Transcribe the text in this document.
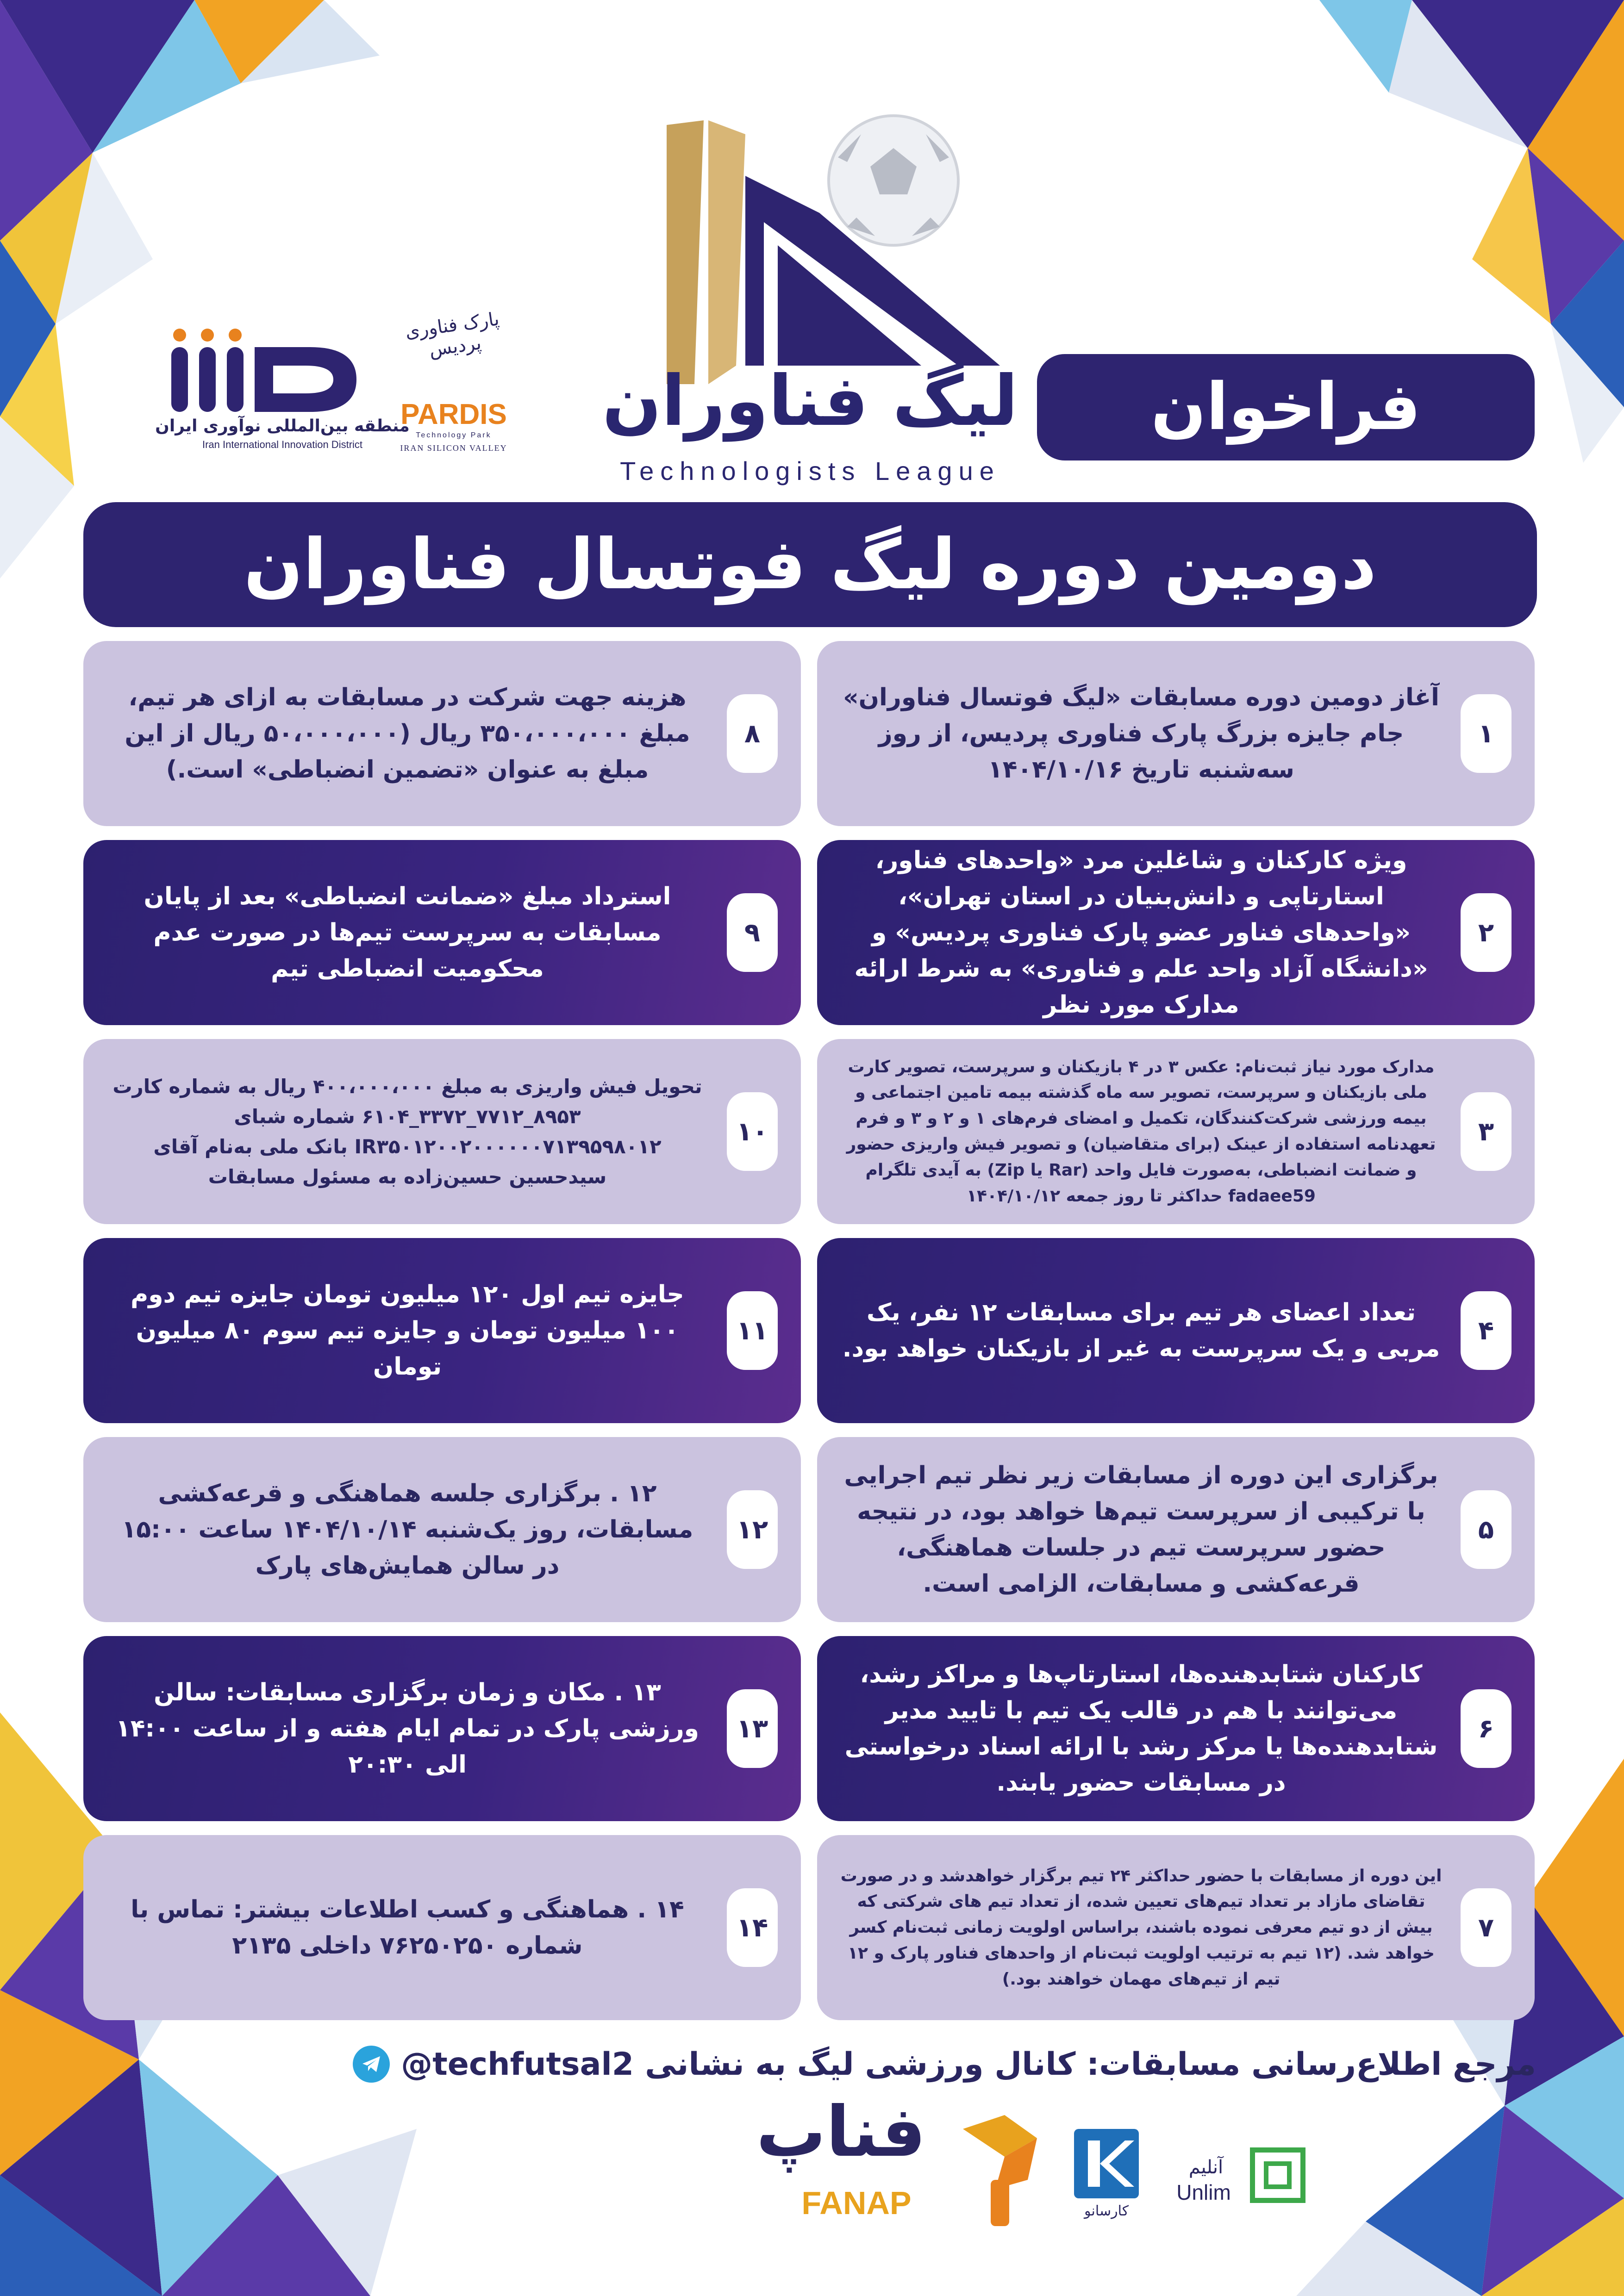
لیگ فناوران
Technologists League
منطقه بین‌المللی نوآوری ایران
Iran International Innovation District
پارک فناوری پردیس
PARDIS
Technology Park
IRAN SILICON VALLEY
فراخوان
دومین دوره لیگ فوتسال فناوران
۱
آغاز دومین دوره مسابقات «لیگ فوتسال فناوران» جام جایزه بزرگ پارک فناوری پردیس، از روز سه‌شنبه تاریخ ۱۴۰۴/۱۰/۱۶
۲
ویژه کارکنان و شاغلین مرد «واحدهای فناور، استارتاپی و دانش‌بنیان در استان تهران»، «واحدهای فناور عضو پارک فناوری پردیس» و «دانشگاه آزاد واحد علم و فناوری» به شرط ارائه مدارک مورد نظر
۳
مدارک مورد نیاز ثبت‌نام: عکس ۳ در ۴ بازیکنان و سرپرست، تصویر کارت ملی بازیکنان و سرپرست، تصویر سه ماه گذشته بیمه تامین اجتماعی و بیمه ورزشی شرکت‌کنندگان، تکمیل و امضای فرم‌های ۱ و ۲ و ۳ و فرم تعهدنامه استفاده از عینک (برای متقاضیان) و تصویر فیش واریزی حضور و ضمانت انضباطی، به‌صورت فایل واحد (Rar یا Zip) به آیدی تلگرام fadaee59 حداکثر تا روز جمعه ۱۴۰۴/۱۰/۱۲
۴
تعداد اعضای هر تیم برای مسابقات ۱۲ نفر، یک مربی و یک سرپرست به غیر از بازیکنان خواهد بود.
۵
برگزاری این دوره از مسابقات زیر نظر تیم اجرایی با ترکیبی از سرپرست تیم‌ها خواهد بود، در نتیجه حضور سرپرست تیم در جلسات هماهنگی، قرعه‌کشی و مسابقات، الزامی است.
۶
کارکنان شتابدهنده‌ها، استارتاپ‌ها و مراکز رشد، می‌توانند با هم در قالب یک تیم با تایید مدیر شتابدهنده‌ها یا مرکز رشد با ارائه اسناد درخواستی در مسابقات حضور یابند.
۷
این دوره از مسابقات با حضور حداکثر ۲۴ تیم برگزار خواهدشد و در صورت تقاضای مازاد بر تعداد تیم‌های تعیین شده، از تعداد تیم های شرکتی که بیش از دو تیم معرفی نموده باشند، براساس اولویت زمانی ثبت‌نام کسر خواهد شد. (۱۲ تیم به ترتیب اولویت ثبت‌نام از واحدهای فناور پارک و ۱۲ تیم از تیم‌های مهمان خواهند بود.)
۸
هزینه جهت شرکت در مسابقات به ازای هر تیم، مبلغ ۳۵۰،۰۰۰،۰۰۰ ریال (۵۰،۰۰۰،۰۰۰ ریال از این مبلغ به عنوان «تضمین انضباطی» است.)
۹
استرداد مبلغ «ضمانت انضباطی» بعد از پایان مسابقات به سرپرست تیم‌ها در صورت عدم محکومیت انضباطی تیم
۱۰
تحویل فیش واریزی به مبلغ ۴۰۰،۰۰۰،۰۰۰ ریال به شماره کارت ۸۹۵۳_۷۷۱۲_۳۳۷۲_۶۱۰۴ شماره شبای IR۳۵۰۱۲۰۰۲۰۰۰۰۰۰۷۱۳۹۵۹۸۰۱۲ بانک ملی به‌نام آقای سیدحسین حسین‌زاده به مسئول مسابقات
۱۱
جایزه تیم اول ۱۲۰ میلیون تومان جایزه تیم دوم ۱۰۰ میلیون تومان و جایزه تیم سوم ۸۰ میلیون تومان
۱۲
۱۲ . برگزاری جلسه هماهنگی و قرعه‌کشی مسابقات، روز یک‌شنبه ۱۴۰۴/۱۰/۱۴ ساعت ۱۵:۰۰ در سالن همایش‌های پارک
۱۳
۱۳ . مکان و زمان برگزاری مسابقات: سالن ورزشی پارک در تمام ایام هفته و از ساعت ۱۴:۰۰ الی ۲۰:۳۰
۱۴
۱۴ . هماهنگی و کسب اطلاعات بیشتر: تماس با شماره ۷۶۲۵۰۲۵۰ داخلی ۲۱۳۵
مرجع اطلاع‌رسانی مسابقات: کانال ورزشی لیگ به نشانی
@techfutsal2
فناپ
FANAP	کارسانو
آنلیم
Unlim
